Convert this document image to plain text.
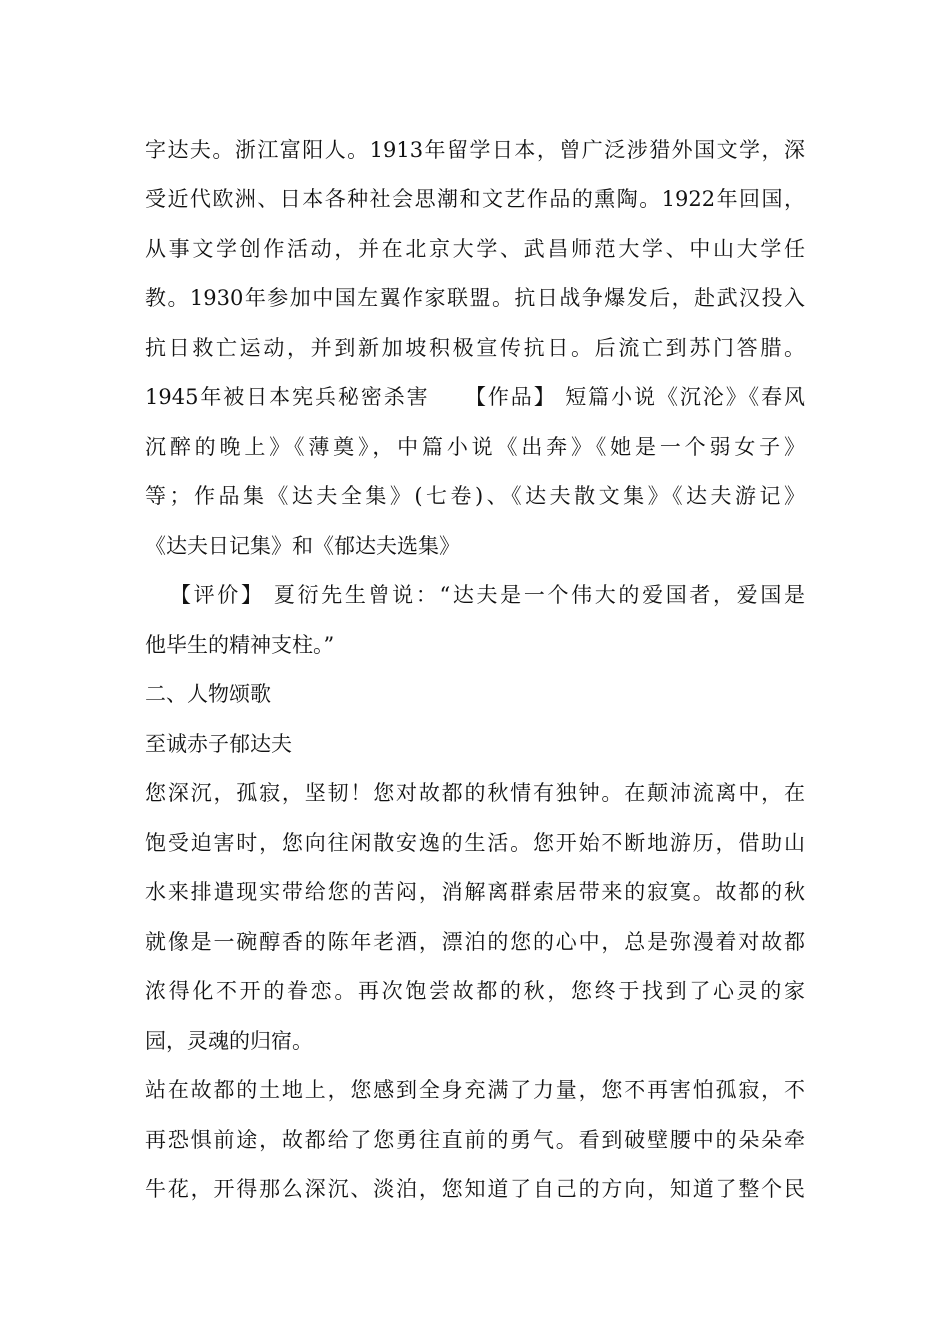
字达夫。浙江富阳人。1913年留学日本，曾广泛涉猎外国文学，深
受近代欧洲、日本各种社会思潮和文艺作品的熏陶。1922年回国，
从事文学创作活动，并在北京大学、武昌师范大学、中山大学任
教。1930年参加中国左翼作家联盟。抗日战争爆发后，赴武汉投入
抗日救亡运动，并到新加坡积极宣传抗日。后流亡到苏门答腊。
1945年被日本宪兵秘密杀害　　【作品】 短篇小说《沉沦》《春风
沉醉的晚上》《薄奠》，中篇小说《出奔》《她是一个弱女子》
等；作品集《达夫全集》(七卷)、《达夫散文集》《达夫游记》
《达夫日记集》和《郁达夫选集》
【评价】 夏衍先生曾说：“达夫是一个伟大的爱国者，爱国是
他毕生的精神支柱。”
二、人物颂歌
至诚赤子郁达夫
您深沉，孤寂，坚韧！您对故都的秋情有独钟。在颠沛流离中，在
饱受迫害时，您向往闲散安逸的生活。您开始不断地游历，借助山
水来排遣现实带给您的苦闷，消解离群索居带来的寂寞。故都的秋
就像是一碗醇香的陈年老酒，漂泊的您的心中，总是弥漫着对故都
浓得化不开的眷恋。再次饱尝故都的秋，您终于找到了心灵的家
园，灵魂的归宿。
站在故都的土地上，您感到全身充满了力量，您不再害怕孤寂，不
再恐惧前途，故都给了您勇往直前的勇气。看到破壁腰中的朵朵牵
牛花，开得那么深沉、淡泊，您知道了自己的方向，知道了整个民
